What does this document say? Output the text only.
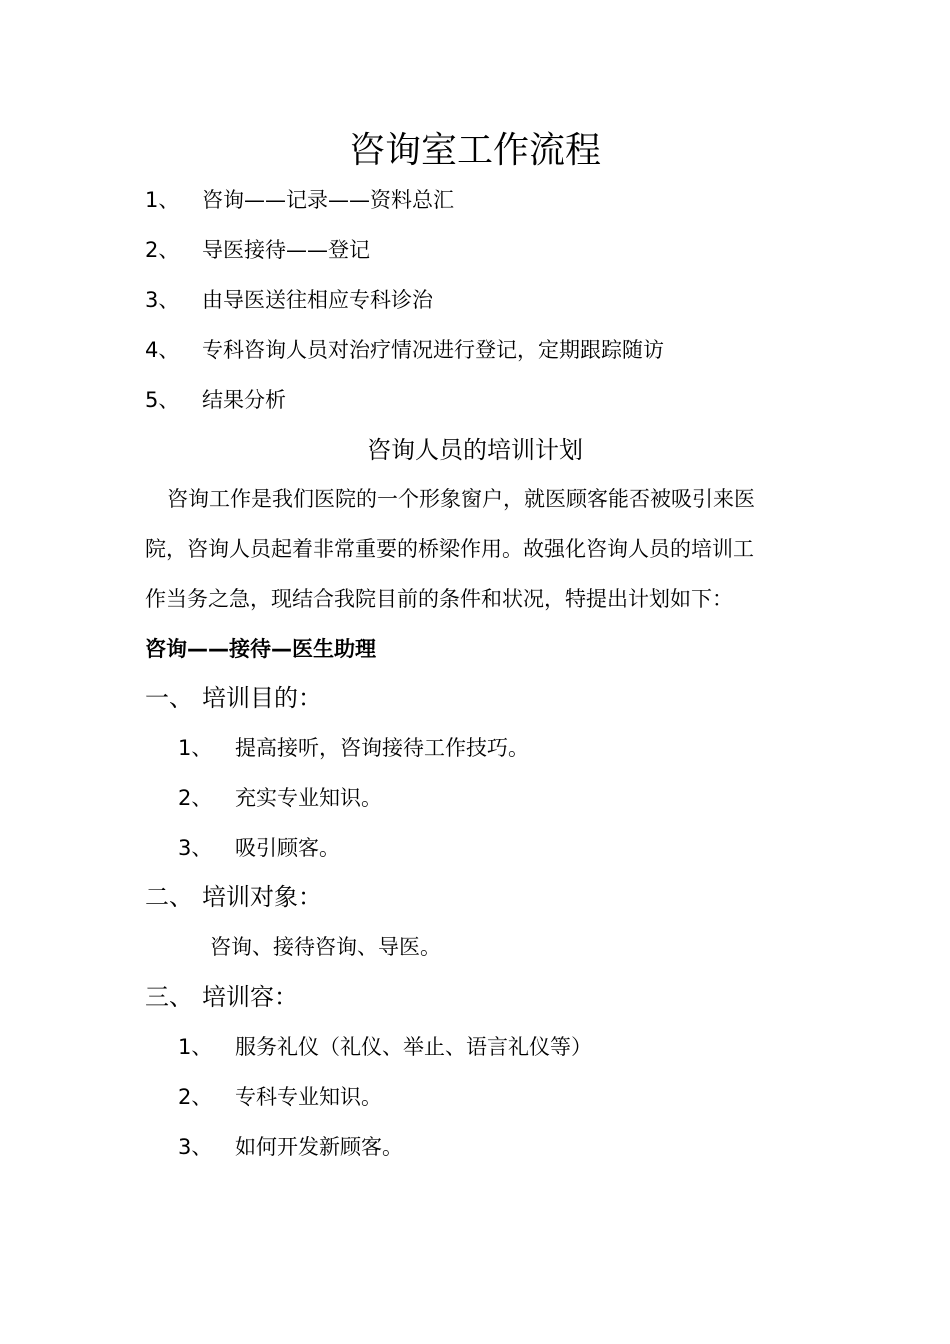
咨询室工作流程
1、 咨询——记录——资料总汇
2、 导医接待——登记
3、 由导医送往相应专科诊治
4、 专科咨询人员对治疗情况进行登记，定期跟踪随访
5、 结果分析
咨询人员的培训计划
咨询工作是我们医院的一个形象窗户，就医顾客能否被吸引来医
院，咨询人员起着非常重要的桥梁作用。故强化咨询人员的培训工
作当务之急，现结合我院目前的条件和状况，特提出计划如下：
咨询——接待—医生助理
一、 培训目的：
1、 提高接听，咨询接待工作技巧。
2、 充实专业知识。
3、 吸引顾客。
二、 培训对象：
咨询、接待咨询、导医。
三、 培训容：
1、 服务礼仪（礼仪、举止、语言礼仪等）
2、 专科专业知识。
3、 如何开发新顾客。
